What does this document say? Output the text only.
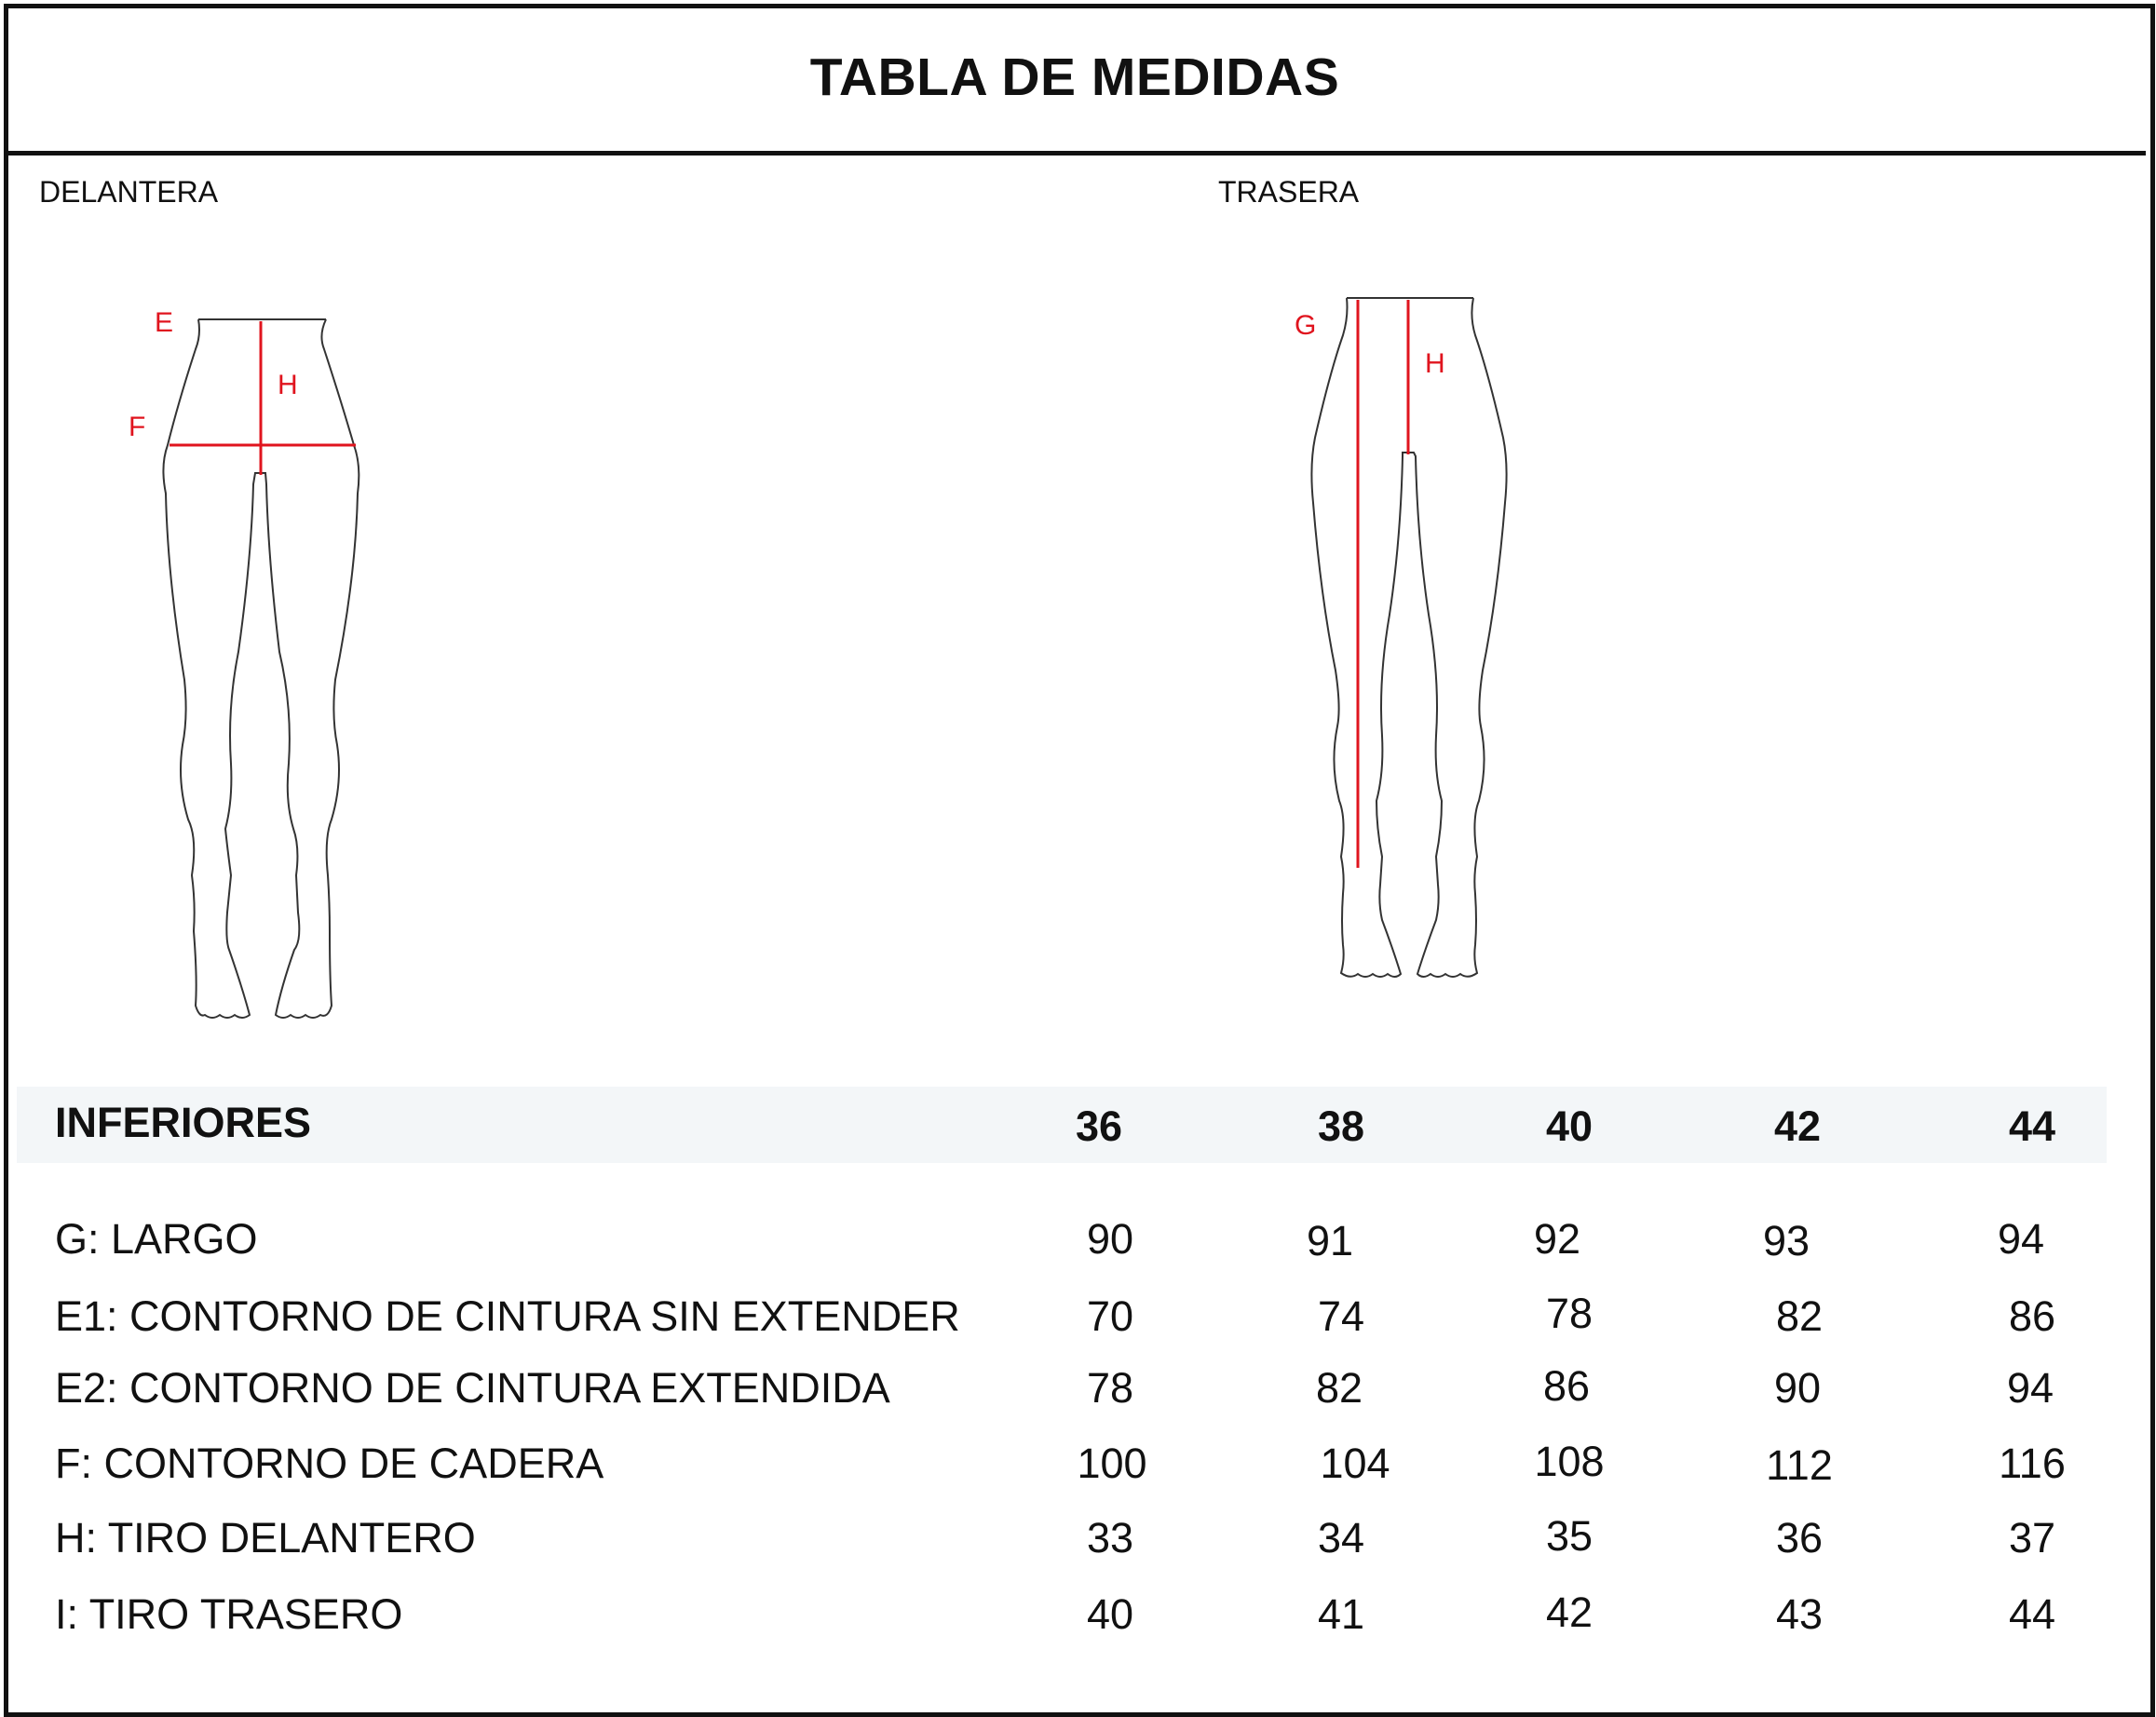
TABLA DE MEDIDAS
DELANTERA	TRASERA
E
H
F
G
H
INFERIORES	36	38	40	42	44
G: LARGO	90	91	92	93	94
E1: CONTORNO DE CINTURA SIN EXTENDER	70	74	78	82	86
E2: CONTORNO DE CINTURA EXTENDIDA	78	82	86	90	94
F: CONTORNO DE CADERA	100	104	108	112	116
H: TIRO DELANTERO	33	34	35	36	37
I: TIRO TRASERO	40	41	42	43	44
